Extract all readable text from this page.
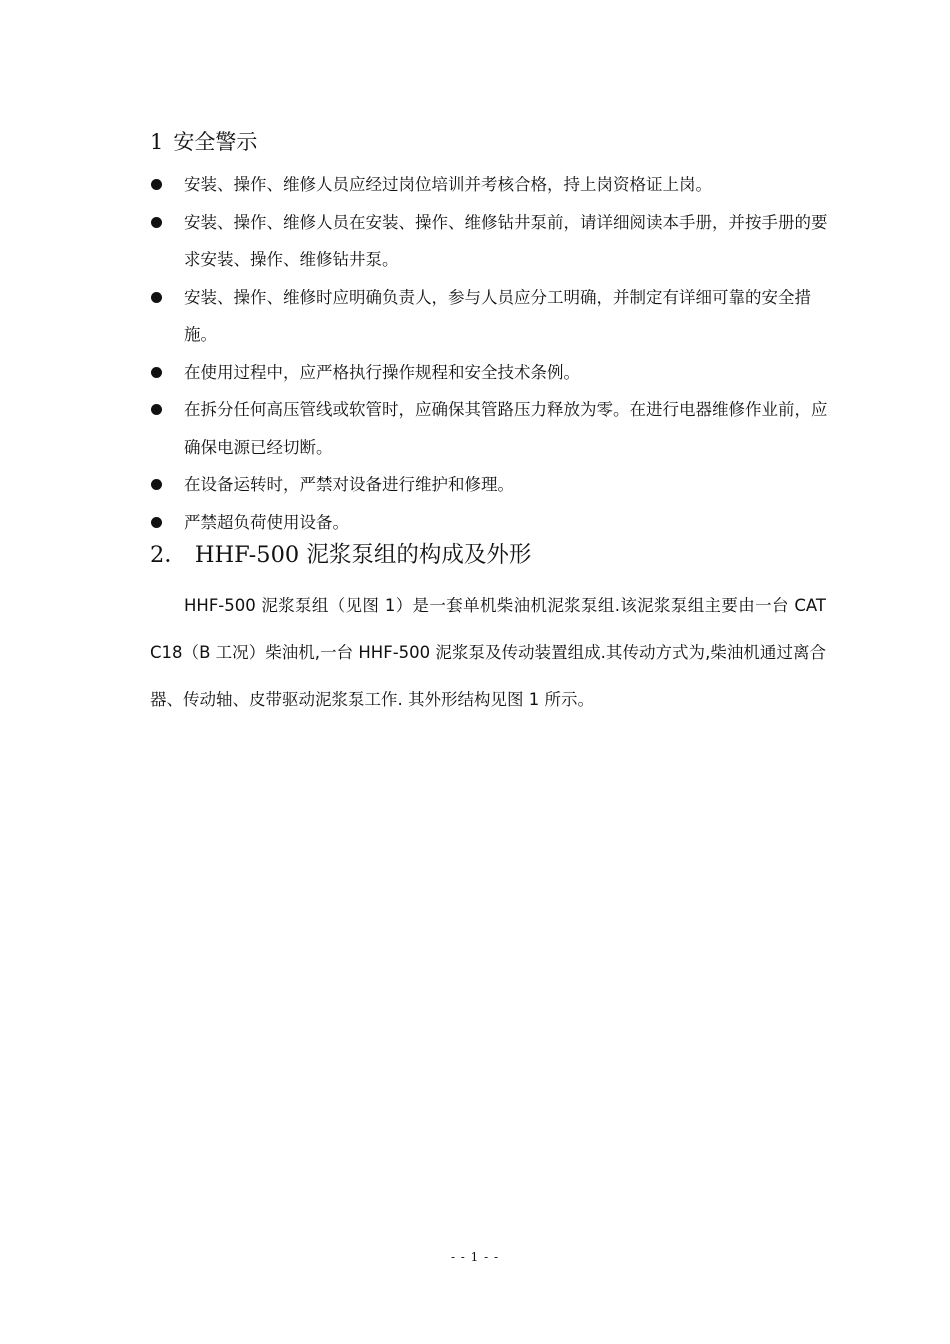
1 安全警示
安装、操作、维修人员应经过岗位培训并考核合格，持上岗资格证上岗。
安装、操作、维修人员在安装、操作、维修钻井泵前，请详细阅读本手册，并按手册的要求安装、操作、维修钻井泵。
安装、操作、维修时应明确负责人，参与人员应分工明确，并制定有详细可靠的安全措施。
在使用过程中，应严格执行操作规程和安全技术条例。
在拆分任何高压管线或软管时，应确保其管路压力释放为零。在进行电器维修作业前，应确保电源已经切断。
在设备运转时，严禁对设备进行维护和修理。
严禁超负荷使用设备。
2． HHF-500 泥浆泵组的构成及外形

HHF-500 泥浆泵组（见图 1）是一套单机柴油机泥浆泵组.该泥浆泵组主要由一台 CAT　C18（B 工况）柴油机,一台 HHF-500 泥浆泵及传动装置组成.其传动方式为,柴油机通过离合器、传动轴、皮带驱动泥浆泵工作. 其外形结构见图 1 所示。

- - 1 - -
